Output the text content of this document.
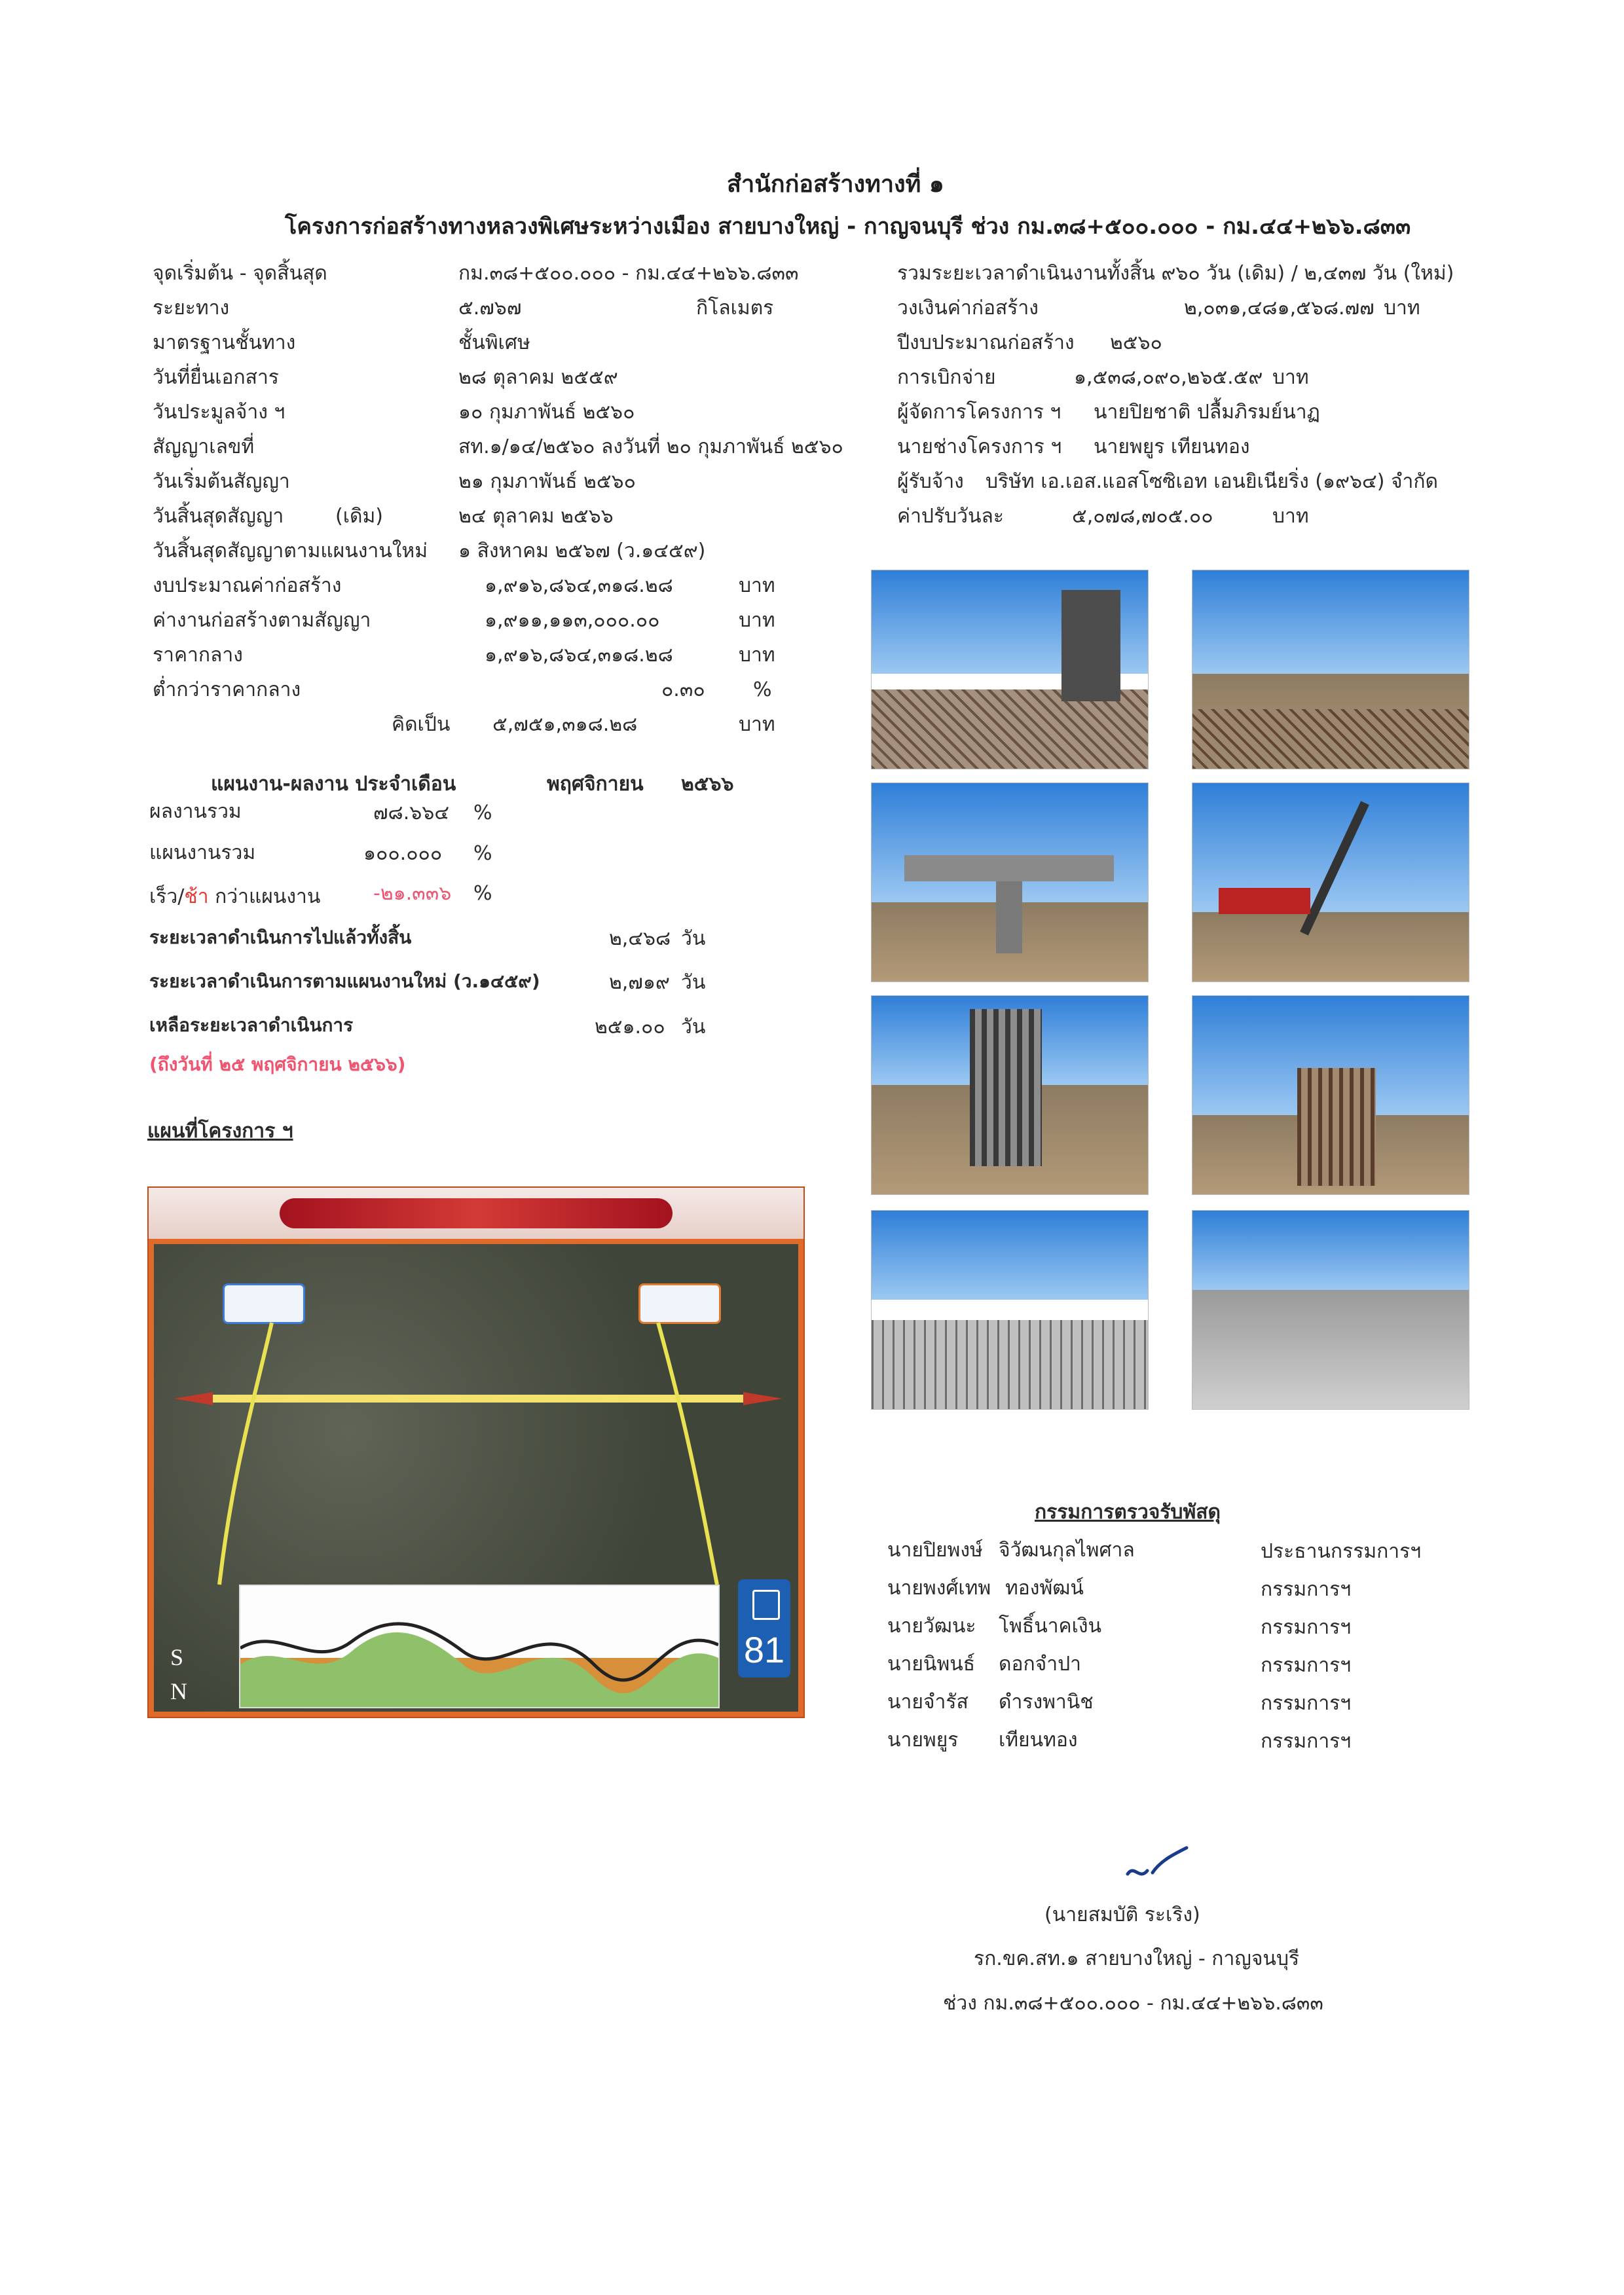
สำนักก่อสร้างทางที่ ๑
โครงการก่อสร้างทางหลวงพิเศษระหว่างเมือง สายบางใหญ่ - กาญจนบุรี ช่วง กม.๓๘+๕๐๐.๐๐๐ - กม.๔๔+๒๖๖.๘๓๓
จุดเริ่มต้น - จุดสิ้นสุด	กม.๓๘+๕๐๐.๐๐๐ - กม.๔๔+๒๖๖.๘๓๓
ระยะทาง	๕.๗๖๗	กิโลเมตร
มาตรฐานชั้นทาง	ชั้นพิเศษ
วันที่ยื่นเอกสาร	๒๘ ตุลาคม ๒๕๕๙
วันประมูลจ้าง ฯ	๑๐ กุมภาพันธ์ ๒๕๖๐
สัญญาเลขที่	สท.๑/๑๔/๒๕๖๐ ลงวันที่ ๒๐ กุมภาพันธ์ ๒๕๖๐
วันเริ่มต้นสัญญา	๒๑ กุมภาพันธ์ ๒๕๖๐
วันสิ้นสุดสัญญา	(เดิม)	๒๔ ตุลาคม ๒๕๖๖
วันสิ้นสุดสัญญาตามแผนงานใหม่ ๑ สิงหาคม ๒๕๖๗ (ว.๑๔๕๙)
งบประมาณค่าก่อสร้าง	๑,๙๑๖,๘๖๔,๓๑๘.๒๘	บาท
ค่างานก่อสร้างตามสัญญา	๑,๙๑๑,๑๑๓,๐๐๐.๐๐	บาท
ราคากลาง	๑,๙๑๖,๘๖๔,๓๑๘.๒๘	บาท
ต่ำกว่าราคากลาง	๐.๓๐ %
คิดเป็น ๕,๗๕๑,๓๑๘.๒๘	บาท
รวมระยะเวลาดำเนินงานทั้งสิ้น ๙๖๐ วัน (เดิม) / ๒,๔๓๗ วัน (ใหม่)
วงเงินค่าก่อสร้าง	๒,๐๓๑,๔๘๑,๕๖๘.๗๗ บาท
ปีงบประมาณก่อสร้าง ๒๕๖๐
การเบิกจ่าย	๑,๕๓๘,๐๙๐,๒๖๕.๕๙ บาท
ผู้จัดการโครงการ ฯ นายปิยชาติ ปลื้มภิรมย์นาฏ
นายช่างโครงการ ฯ นายพยูร เทียนทอง
ผู้รับจ้าง บริษัท เอ.เอส.แอสโซซิเอท เอนยิเนียริ่ง (๑๙๖๔) จำกัด
ค่าปรับวันละ	๕,๐๗๘,๗๐๕.๐๐	บาท
แผนงาน-ผลงาน ประจำเดือน	พฤศจิกายน ๒๕๖๖
ผลงานรวม	๗๘.๖๖๔ %
แผนงานรวม	๑๐๐.๐๐๐ %
เร็ว/ช้า กว่าแผนงาน	-๒๑.๓๓๖ %
ระยะเวลาดำเนินการไปแล้วทั้งสิ้น	๒,๔๖๘ วัน
ระยะเวลาดำเนินการตามแผนงานใหม่ (ว.๑๔๕๙)	๒,๗๑๙ วัน
เหลือระยะเวลาดำเนินการ	๒๕๑.๐๐ วัน
(ถึงวันที่ ๒๕ พฤศจิกายน ๒๕๖๖)
แผนที่โครงการ ฯ
S
N
81
กรรมการตรวจรับพัสดุ
นายปิยพงษ์ จิวัฒนกุลไพศาล	ประธานกรรมการฯ
นายพงศ์เทพ ทองพัฒน์	กรรมการฯ
นายวัฒนะ โพธิ์นาคเงิน	กรรมการฯ
นายนิพนธ์ ดอกจำปา	กรรมการฯ
นายจำรัส ดำรงพานิช	กรรมการฯ
นายพยูร เทียนทอง	กรรมการฯ
(นายสมบัติ ระเริง)
รก.ขค.สท.๑ สายบางใหญ่ - กาญจนบุรี
ช่วง กม.๓๘+๕๐๐.๐๐๐ - กม.๔๔+๒๖๖.๘๓๓
